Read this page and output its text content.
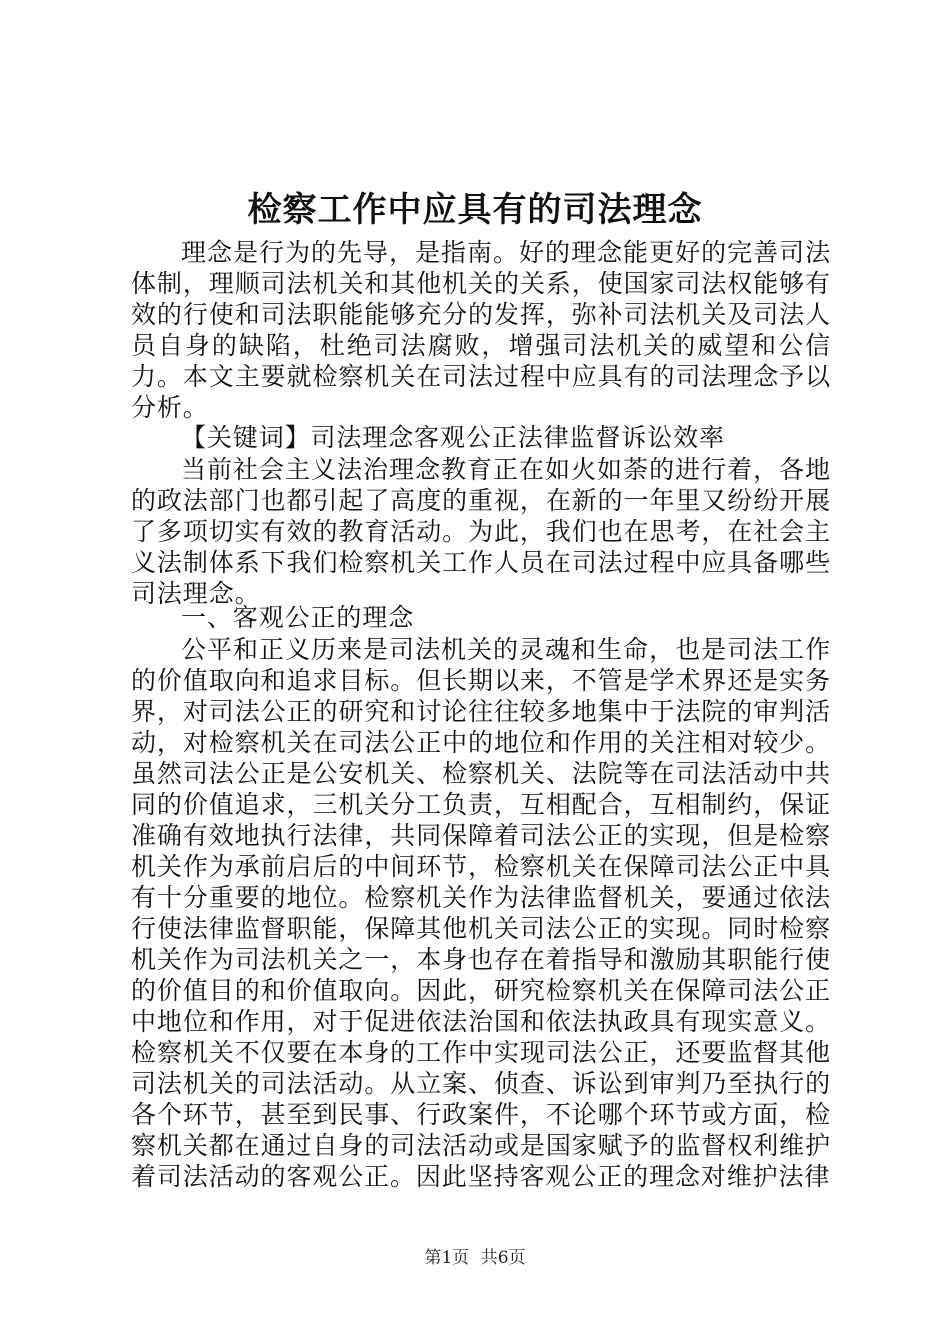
检察工作中应具有的司法理念

理念是行为的先导，是指南。好的理念能更好的完善司法体制，理顺司法机关和其他机关的关系，使国家司法权能够有效的行使和司法职能能够充分的发挥，弥补司法机关及司法人员自身的缺陷，杜绝司法腐败，增强司法机关的威望和公信力。本文主要就检察机关在司法过程中应具有的司法理念予以分析。

【关键词】司法理念客观公正法律监督诉讼效率

当前社会主义法治理念教育正在如火如荼的进行着，各地的政法部门也都引起了高度的重视，在新的一年里又纷纷开展了多项切实有效的教育活动。为此，我们也在思考，在社会主义法制体系下我们检察机关工作人员在司法过程中应具备哪些司法理念。

一、客观公正的理念

公平和正义历来是司法机关的灵魂和生命，也是司法工作的价值取向和追求目标。但长期以来，不管是学术界还是实务界，对司法公正的研究和讨论往往较多地集中于法院的审判活动，对检察机关在司法公正中的地位和作用的关注相对较少。虽然司法公正是公安机关、检察机关、法院等在司法活动中共同的价值追求，三机关分工负责，互相配合，互相制约，保证准确有效地执行法律，共同保障着司法公正的实现，但是检察机关作为承前启后的中间环节，检察机关在保障司法公正中具有十分重要的地位。检察机关作为法律监督机关，要通过依法行使法律监督职能，保障其他机关司法公正的实现。同时检察机关作为司法机关之一，本身也存在着指导和激励其职能行使的价值目的和价值取向。因此，研究检察机关在保障司法公正中地位和作用，对于促进依法治国和依法执政具有现实意义。检察机关不仅要在本身的工作中实现司法公正，还要监督其他司法机关的司法活动。从立案、侦查、诉讼到审判乃至执行的各个环节，甚至到民事、行政案件，不论哪个环节或方面，检察机关都在通过自身的司法活动或是国家赋予的监督权利维护着司法活动的客观公正。因此坚持客观公正的理念对维护法律

第1页 共6页
